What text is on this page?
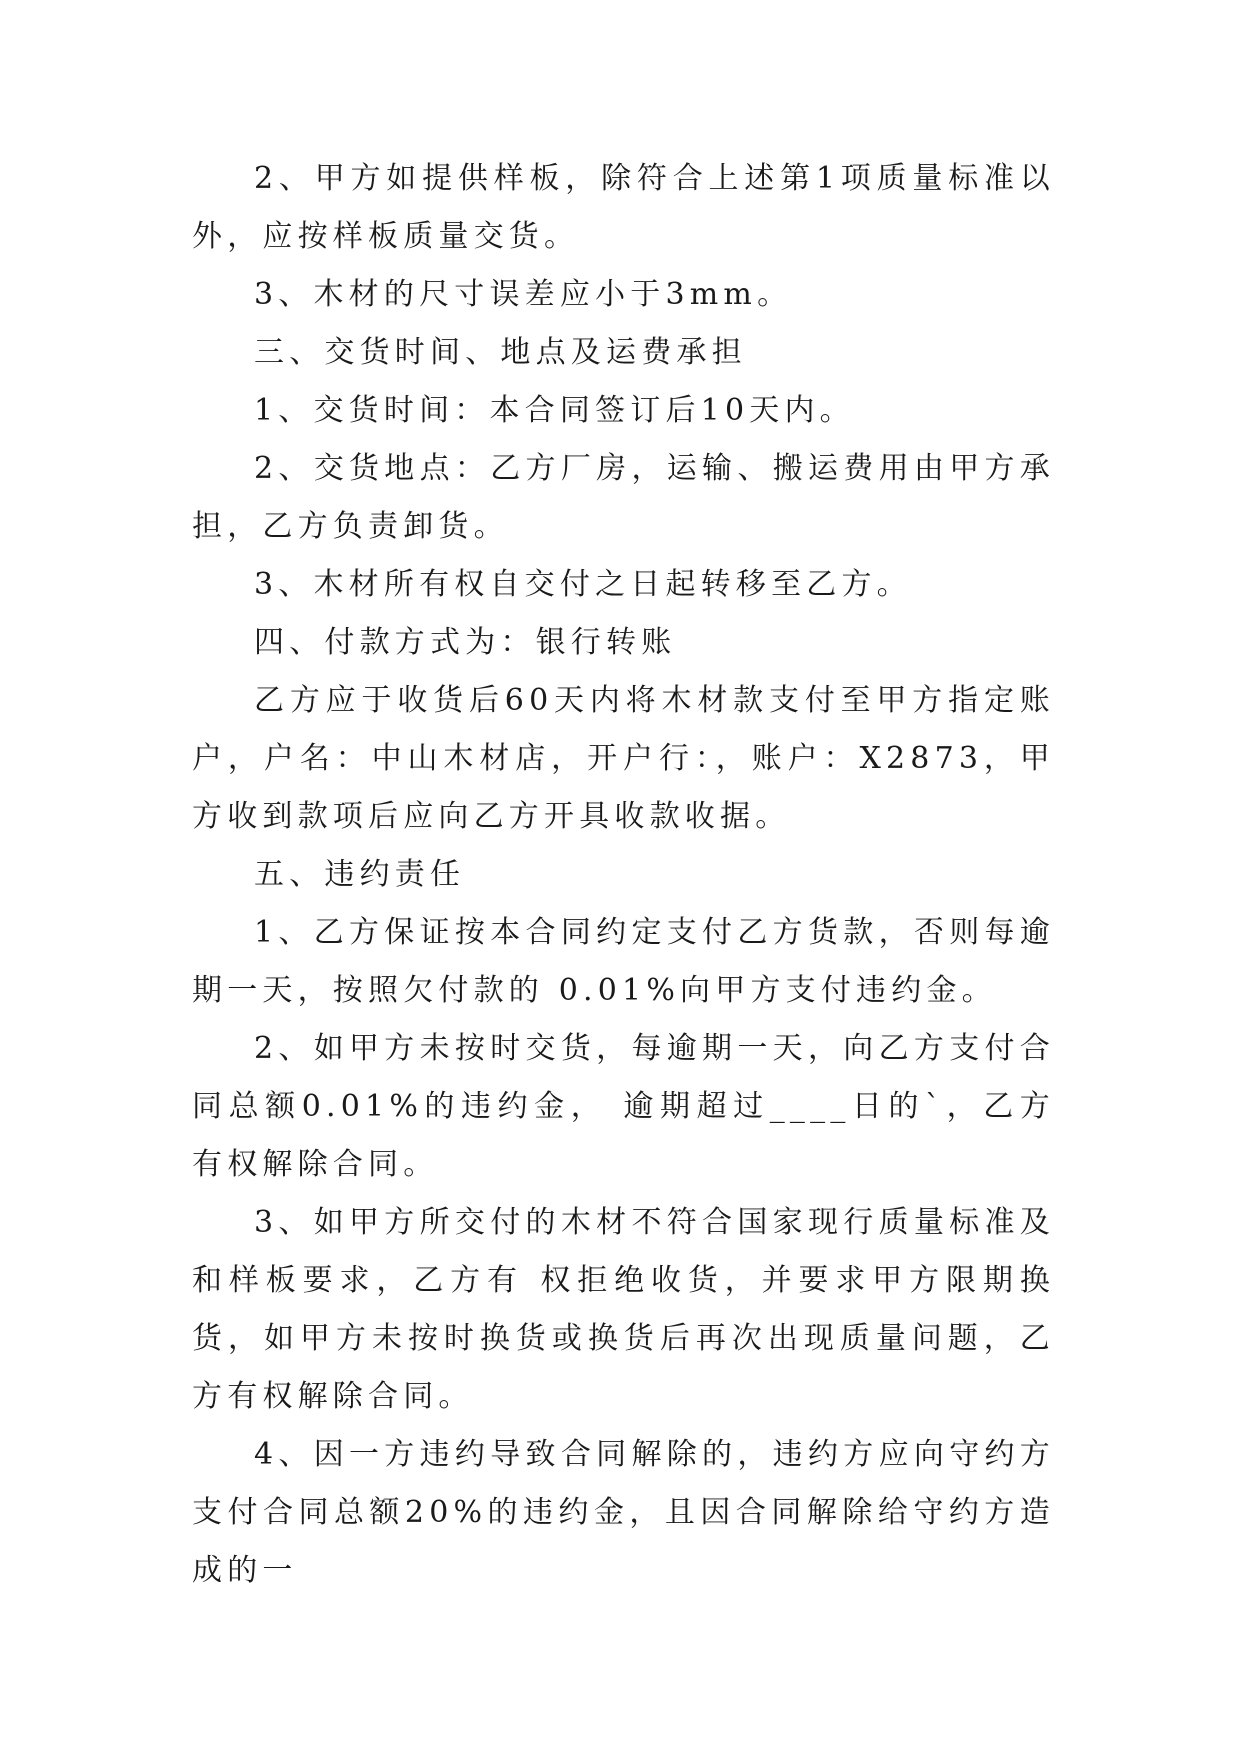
2、甲方如提供样板，除符合上述第1项质量标准以外，应按样板质量交货。

3、木材的尺寸误差应小于3mm。

三、交货时间、地点及运费承担

1、交货时间：本合同签订后10天内。

2、交货地点：乙方厂房，运输、搬运费用由甲方承担，乙方负责卸货。

3、木材所有权自交付之日起转移至乙方。

四、付款方式为：银行转账

乙方应于收货后60天内将木材款支付至甲方指定账户，户名：中山木材店，开户行：，账户：X2873，甲方收到款项后应向乙方开具收款收据。

五、违约责任

1、乙方保证按本合同约定支付乙方货款，否则每逾期一天，按照欠付款的 0.01%向甲方支付违约金。

2、如甲方未按时交货，每逾期一天，向乙方支付合同总额0.01%的违约金， 逾期超过____日的`，乙方有权解除合同。

3、如甲方所交付的木材不符合国家现行质量标准及和样板要求，乙方有 权拒绝收货，并要求甲方限期换货，如甲方未按时换货或换货后再次出现质量问题，乙方有权解除合同。

4、因一方违约导致合同解除的，违约方应向守约方支付合同总额20%的违约金，且因合同解除给守约方造成的一
